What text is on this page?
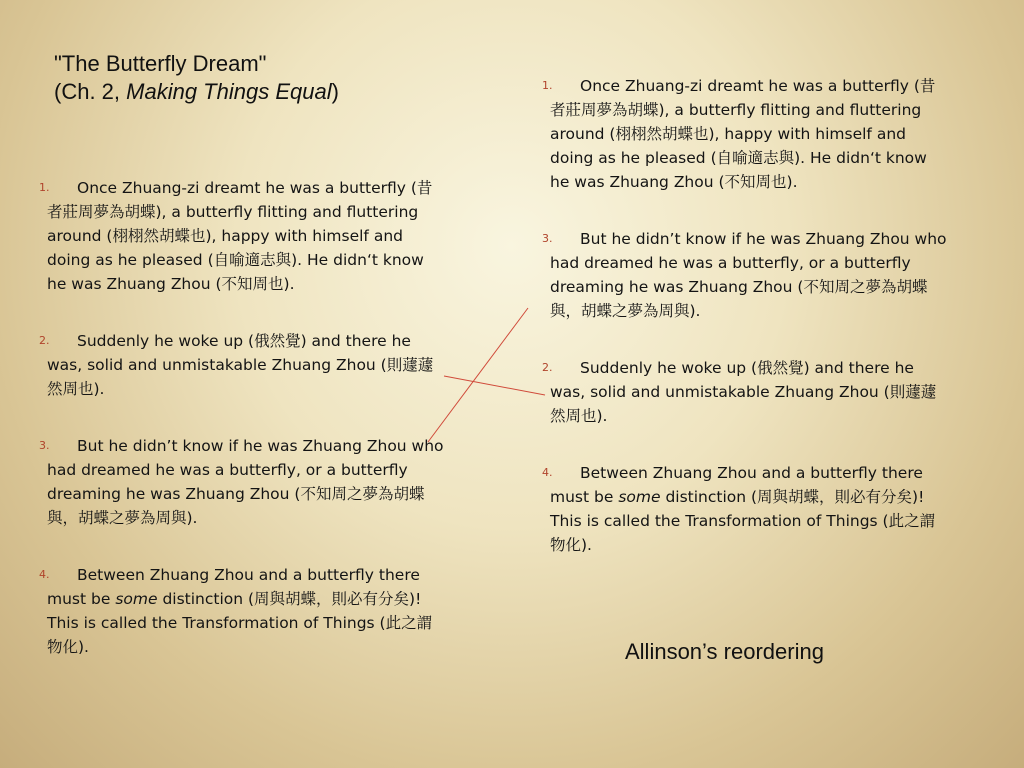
"The Butterfly Dream"
(Ch. 2, Making Things Equal)
1. Once Zhuang-zi dreamt he was a butterfly (昔者莊周夢為胡蝶), a butterfly flitting and fluttering around (栩栩然胡蝶也), happy with himself and doing as he pleased (自喻適志與). He didn‘t know he was Zhuang Zhou (不知周也).
2. Suddenly he woke up (俄然覺) and there he was, solid and unmistakable Zhuang Zhou (則蘧蘧然周也).
3. But he didn’t know if he was Zhuang Zhou who had dreamed he was a butterfly, or a butterfly dreaming he was Zhuang Zhou (不知周之夢為胡蝶與，胡蝶之夢為周與).
4. Between Zhuang Zhou and a butterfly there must be some distinction (周與胡蝶，則必有分矣)! This is called the Transformation of Things (此之謂物化).
1. Once Zhuang-zi dreamt he was a butterfly (昔者莊周夢為胡蝶), a butterfly flitting and fluttering around (栩栩然胡蝶也), happy with himself and doing as he pleased (自喻適志與). He didn‘t know he was Zhuang Zhou (不知周也).
3. But he didn’t know if he was Zhuang Zhou who had dreamed he was a butterfly, or a butterfly dreaming he was Zhuang Zhou (不知周之夢為胡蝶與，胡蝶之夢為周與).
2. Suddenly he woke up (俄然覺) and there he was, solid and unmistakable Zhuang Zhou (則蘧蘧然周也).
4. Between Zhuang Zhou and a butterfly there must be some distinction (周與胡蝶，則必有分矣)! This is called the Transformation of Things (此之謂物化).
Allinson’s reordering
